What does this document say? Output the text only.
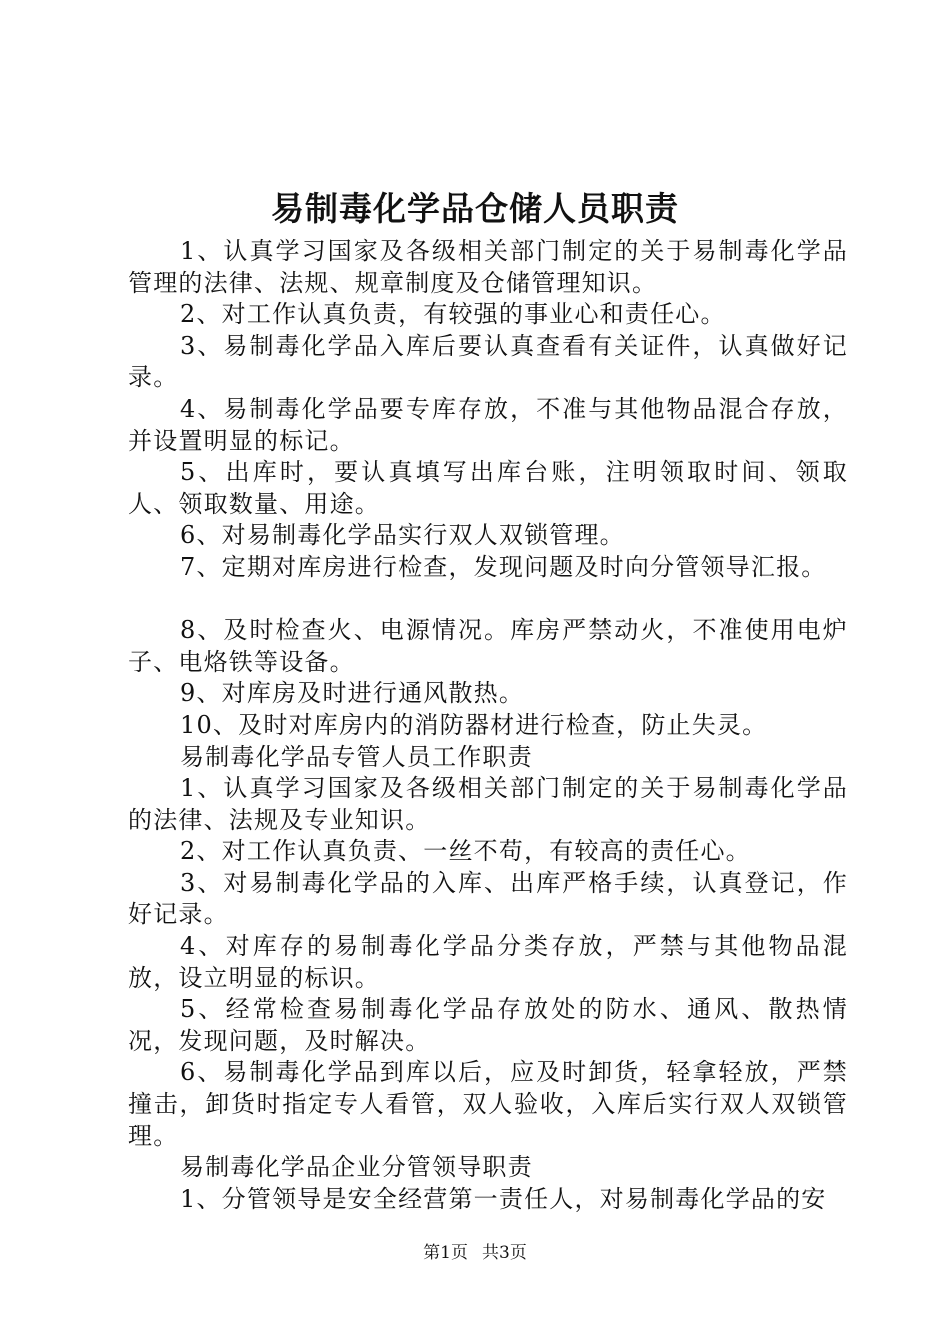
易制毒化学品仓储人员职责

1、认真学习国家及各级相关部门制定的关于易制毒化学品管理的法律、法规、规章制度及仓储管理知识。

2、对工作认真负责，有较强的事业心和责任心。

3、易制毒化学品入库后要认真查看有关证件，认真做好记录。

4、易制毒化学品要专库存放，不准与其他物品混合存放，并设置明显的标记。

5、出库时，要认真填写出库台账，注明领取时间、领取人、领取数量、用途。

6、对易制毒化学品实行双人双锁管理。

7、定期对库房进行检查，发现问题及时向分管领导汇报。

8、及时检查火、电源情况。库房严禁动火，不准使用电炉子、电烙铁等设备。

9、对库房及时进行通风散热。

10、及时对库房内的消防器材进行检查，防止失灵。

易制毒化学品专管人员工作职责

1、认真学习国家及各级相关部门制定的关于易制毒化学品的法律、法规及专业知识。

2、对工作认真负责、一丝不苟，有较高的责任心。

3、对易制毒化学品的入库、出库严格手续，认真登记，作好记录。

4、对库存的易制毒化学品分类存放，严禁与其他物品混放，设立明显的标识。

5、经常检查易制毒化学品存放处的防水、通风、散热情况，发现问题，及时解决。

6、易制毒化学品到库以后，应及时卸货，轻拿轻放，严禁撞击，卸货时指定专人看管，双人验收，入库后实行双人双锁管理。

易制毒化学品企业分管领导职责

1、分管领导是安全经营第一责任人，对易制毒化学品的安

第1页 共3页
